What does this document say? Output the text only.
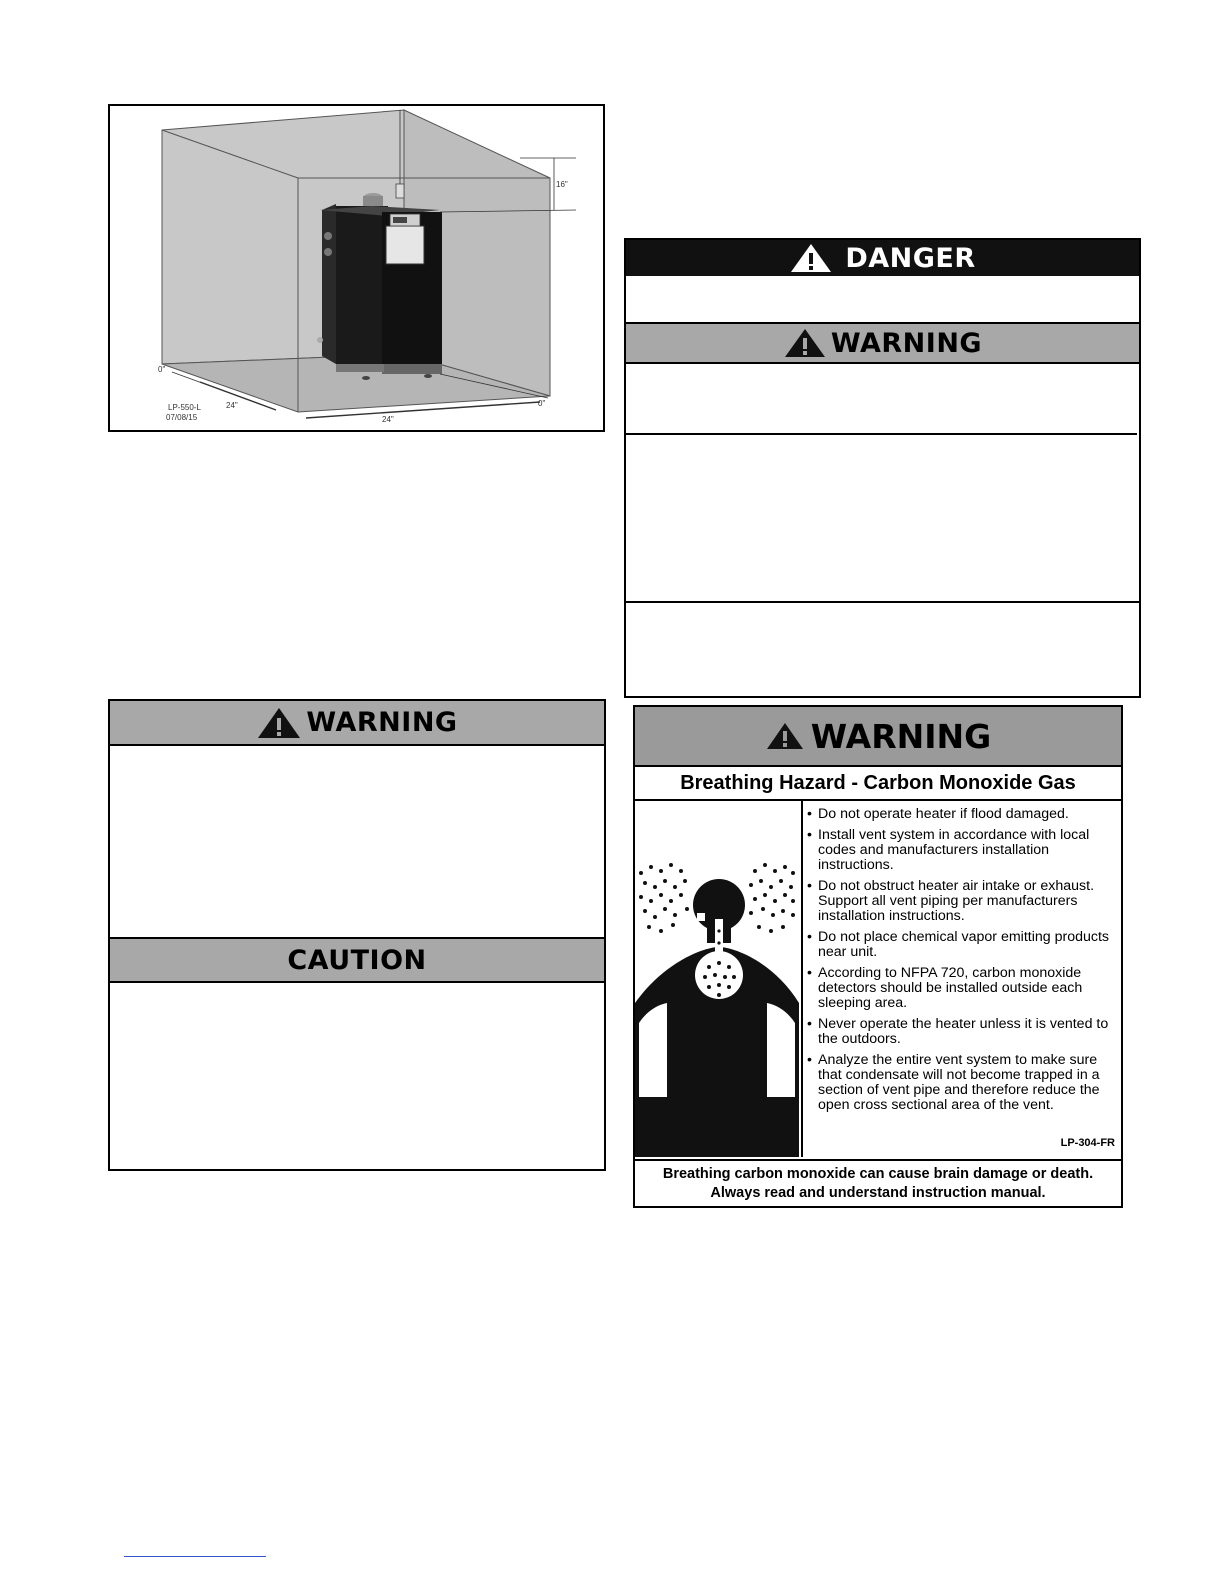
16"
0"
0"
24"
24"
LP-550-L
07/08/15
DANGER
WARNING
WARNING
CAUTION
WARNING
Breathing Hazard - Carbon Monoxide Gas
• Do not operate heater if flood damaged.
• Install vent system in accordance with local codes and manufacturers installation instructions.
• Do not obstruct heater air intake or exhaust. Support all vent piping per manufacturers installation instructions.
• Do not place chemical vapor emitting products near unit.
• According to NFPA 720, carbon monoxide detectors should be installed outside each sleeping area.
• Never operate the heater unless it is vented to the outdoors.
• Analyze the entire vent system to make sure that condensate will not become trapped in a section of vent pipe and therefore reduce the open cross sectional area of the vent.
LP-304-FR
Breathing carbon monoxide can cause brain damage or death.
Always read and understand instruction manual.
